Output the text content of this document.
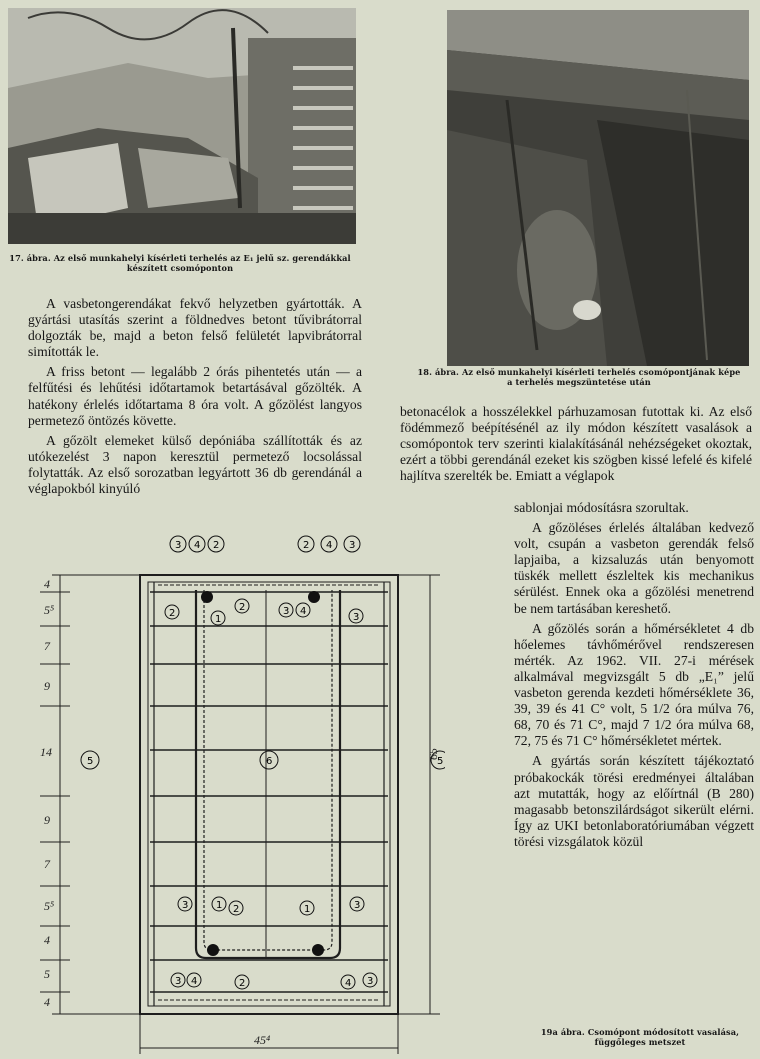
17. ábra. Az első munkahelyi kísérleti terhelés az E₁ jelű sz. gerendákkal
készített csomóponton
18. ábra. Az első munkahelyi kísérleti terhelés csomópontjának képe
a terhelés megszüntetése után

A vasbetongerendákat fekvő helyzetben gyártották. A gyártási utasítás szerint a földnedves betont tűvibrátorral dolgozták be, majd a beton felső felületét lapvibrátorral simították le.

A friss betont — legalább 2 órás pihentetés után — a felfűtési és lehűtési időtartamok betartásával gőzölték. A hatékony érlelés időtartama 8 óra volt. A gőzölést langyos permetező öntözés követte.

A gőzölt elemeket külső depóniába szállították és az utókezelést 3 napon keresztül permetező locsolással folytatták. Az első sorozatban legyártott 36 db gerendánál a véglapokból kinyúló

betonacélok a hosszélekkel párhuzamosan futottak ki. Az első födémmező beépítésénél az ily módon készített vasalások a csomópontok terv szerinti kialakításánál nehézségeket okoztak, ezért a többi gerendánál ezeket kis szögben kissé lefelé és kifelé hajlítva szerelték be. Emiatt a véglapok

sablonjai módosításra szorultak.

A gőzöléses érlelés általában kedvező volt, csupán a vasbeton gerendák felső lapjaiba, a kizsaluzás után benyomott tüskék mellett észleltek kis mechanikus sérülést. Ennek oka a gőzölési menetrend be nem tartásában kereshető.

A gőzölés során a hőmérsékletet 4 db hőelemes távhőmérővel rendszeresen mérték. Az 1962. VII. 27-i mérések alkalmával megvizsgált 5 db „E₁” jelű vasbeton gerenda kezdeti hőmérséklete 36, 39, 39 és 41 C° volt, 5 1/2 óra múlva 76, 68, 70 és 71 C°, majd 7 1/2 óra múlva 68, 72, 75 és 71 C° hőmérsékletet mértek.

A gyártás során készített tájékoztató próbakockák törési eredményei általában azt mutatták, hogy az előírtnál (B 280) magasabb betonszilárdságot sikerült elérni. Így az UKI betonlaboratóriumában végzett törési vizsgálatok közül

19a ábra. Csomópont módosított vasalása,
függőleges metszet
4
5⁵
7
9
14
9
7
5⁵
4
5
4
45⁴
65
3 4 2	2 4 3
1
2
2	3 4
3
5	6	5
3	1 2	1	3
3 4	2	4 3
